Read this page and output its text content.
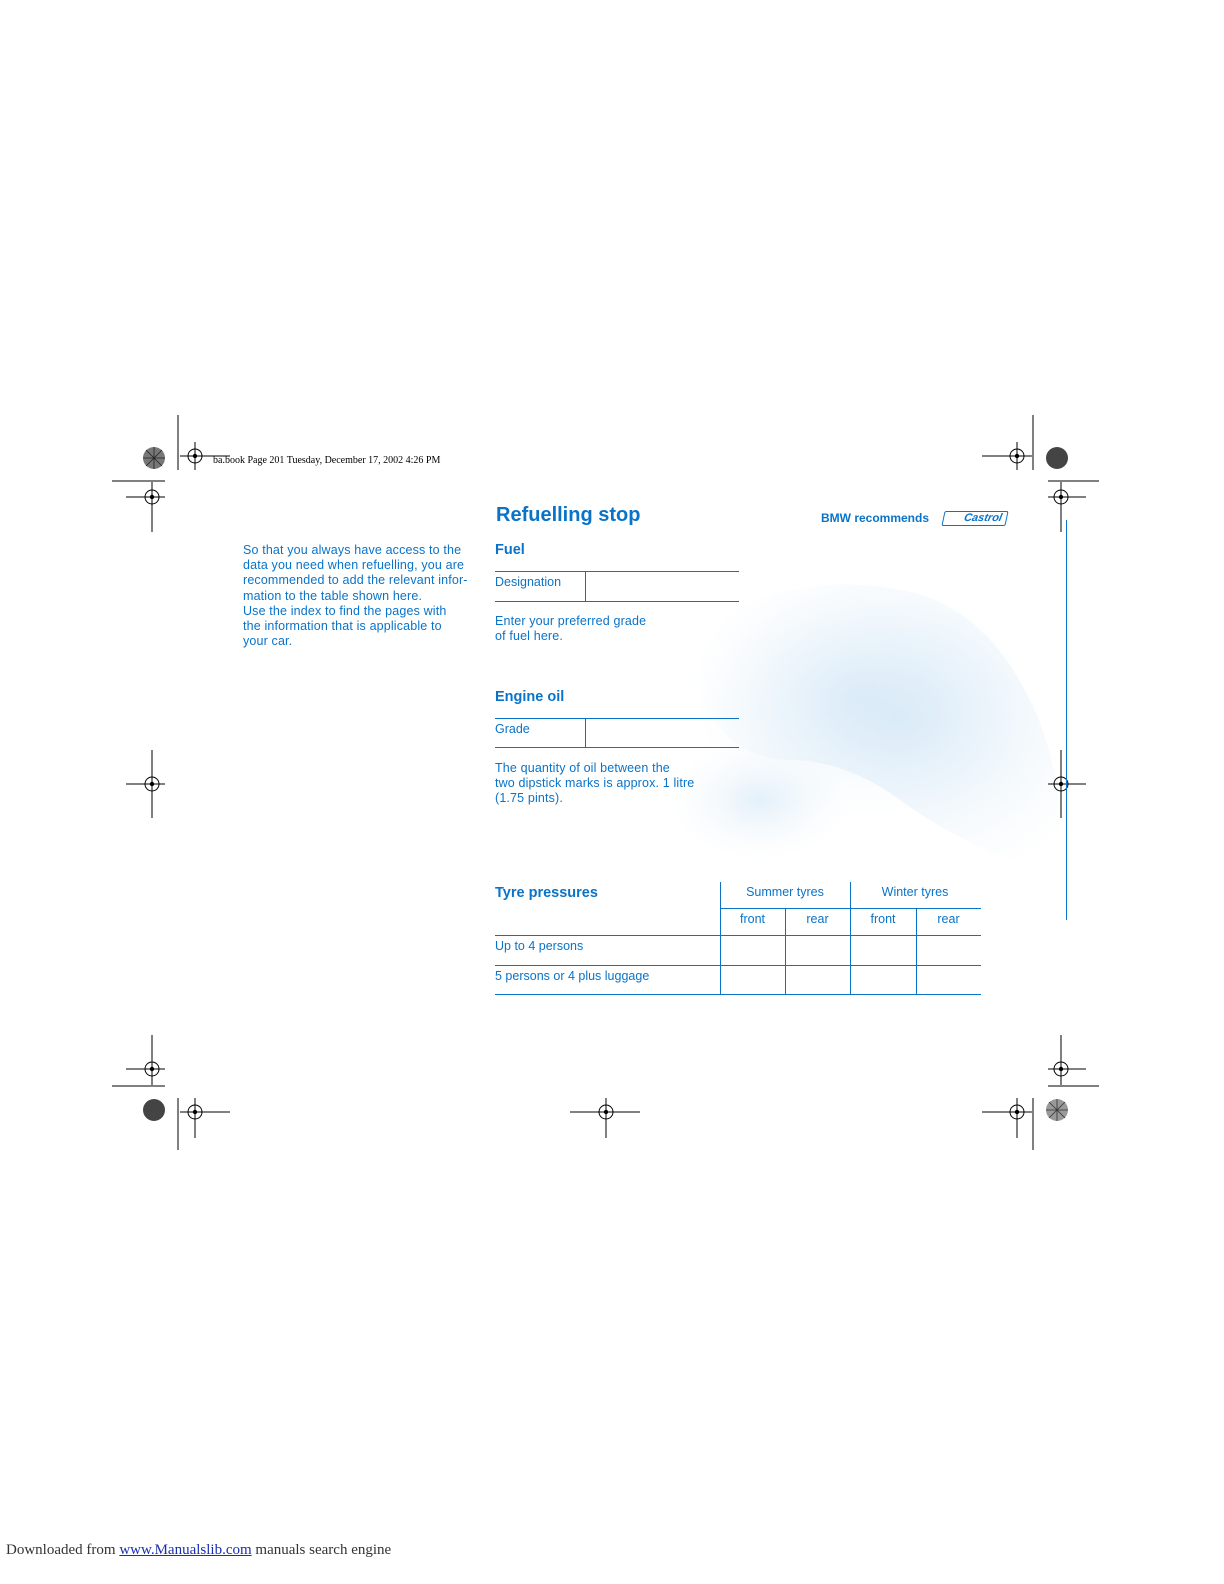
ba.book Page 201 Tuesday, December 17, 2002 4:26 PM
Refuelling stop	BMW recommends	Castrol
So that you always have access to the
data you need when refuelling, you are
recommended to add the relevant infor-
mation to the table shown here.
Use the index to find the pages with
the information that is applicable to
your car.
Fuel
Designation
Enter your preferred grade
of fuel here.
Engine oil
Grade
The quantity of oil between the
two dipstick marks is approx. 1 litre
(1.75 pints).
Tyre pressures	Summer tyres	Winter tyres
front	rear	front	rear
Up to 4 persons
5 persons or 4 plus luggage
Downloaded from www.Manualslib.com manuals search engine
